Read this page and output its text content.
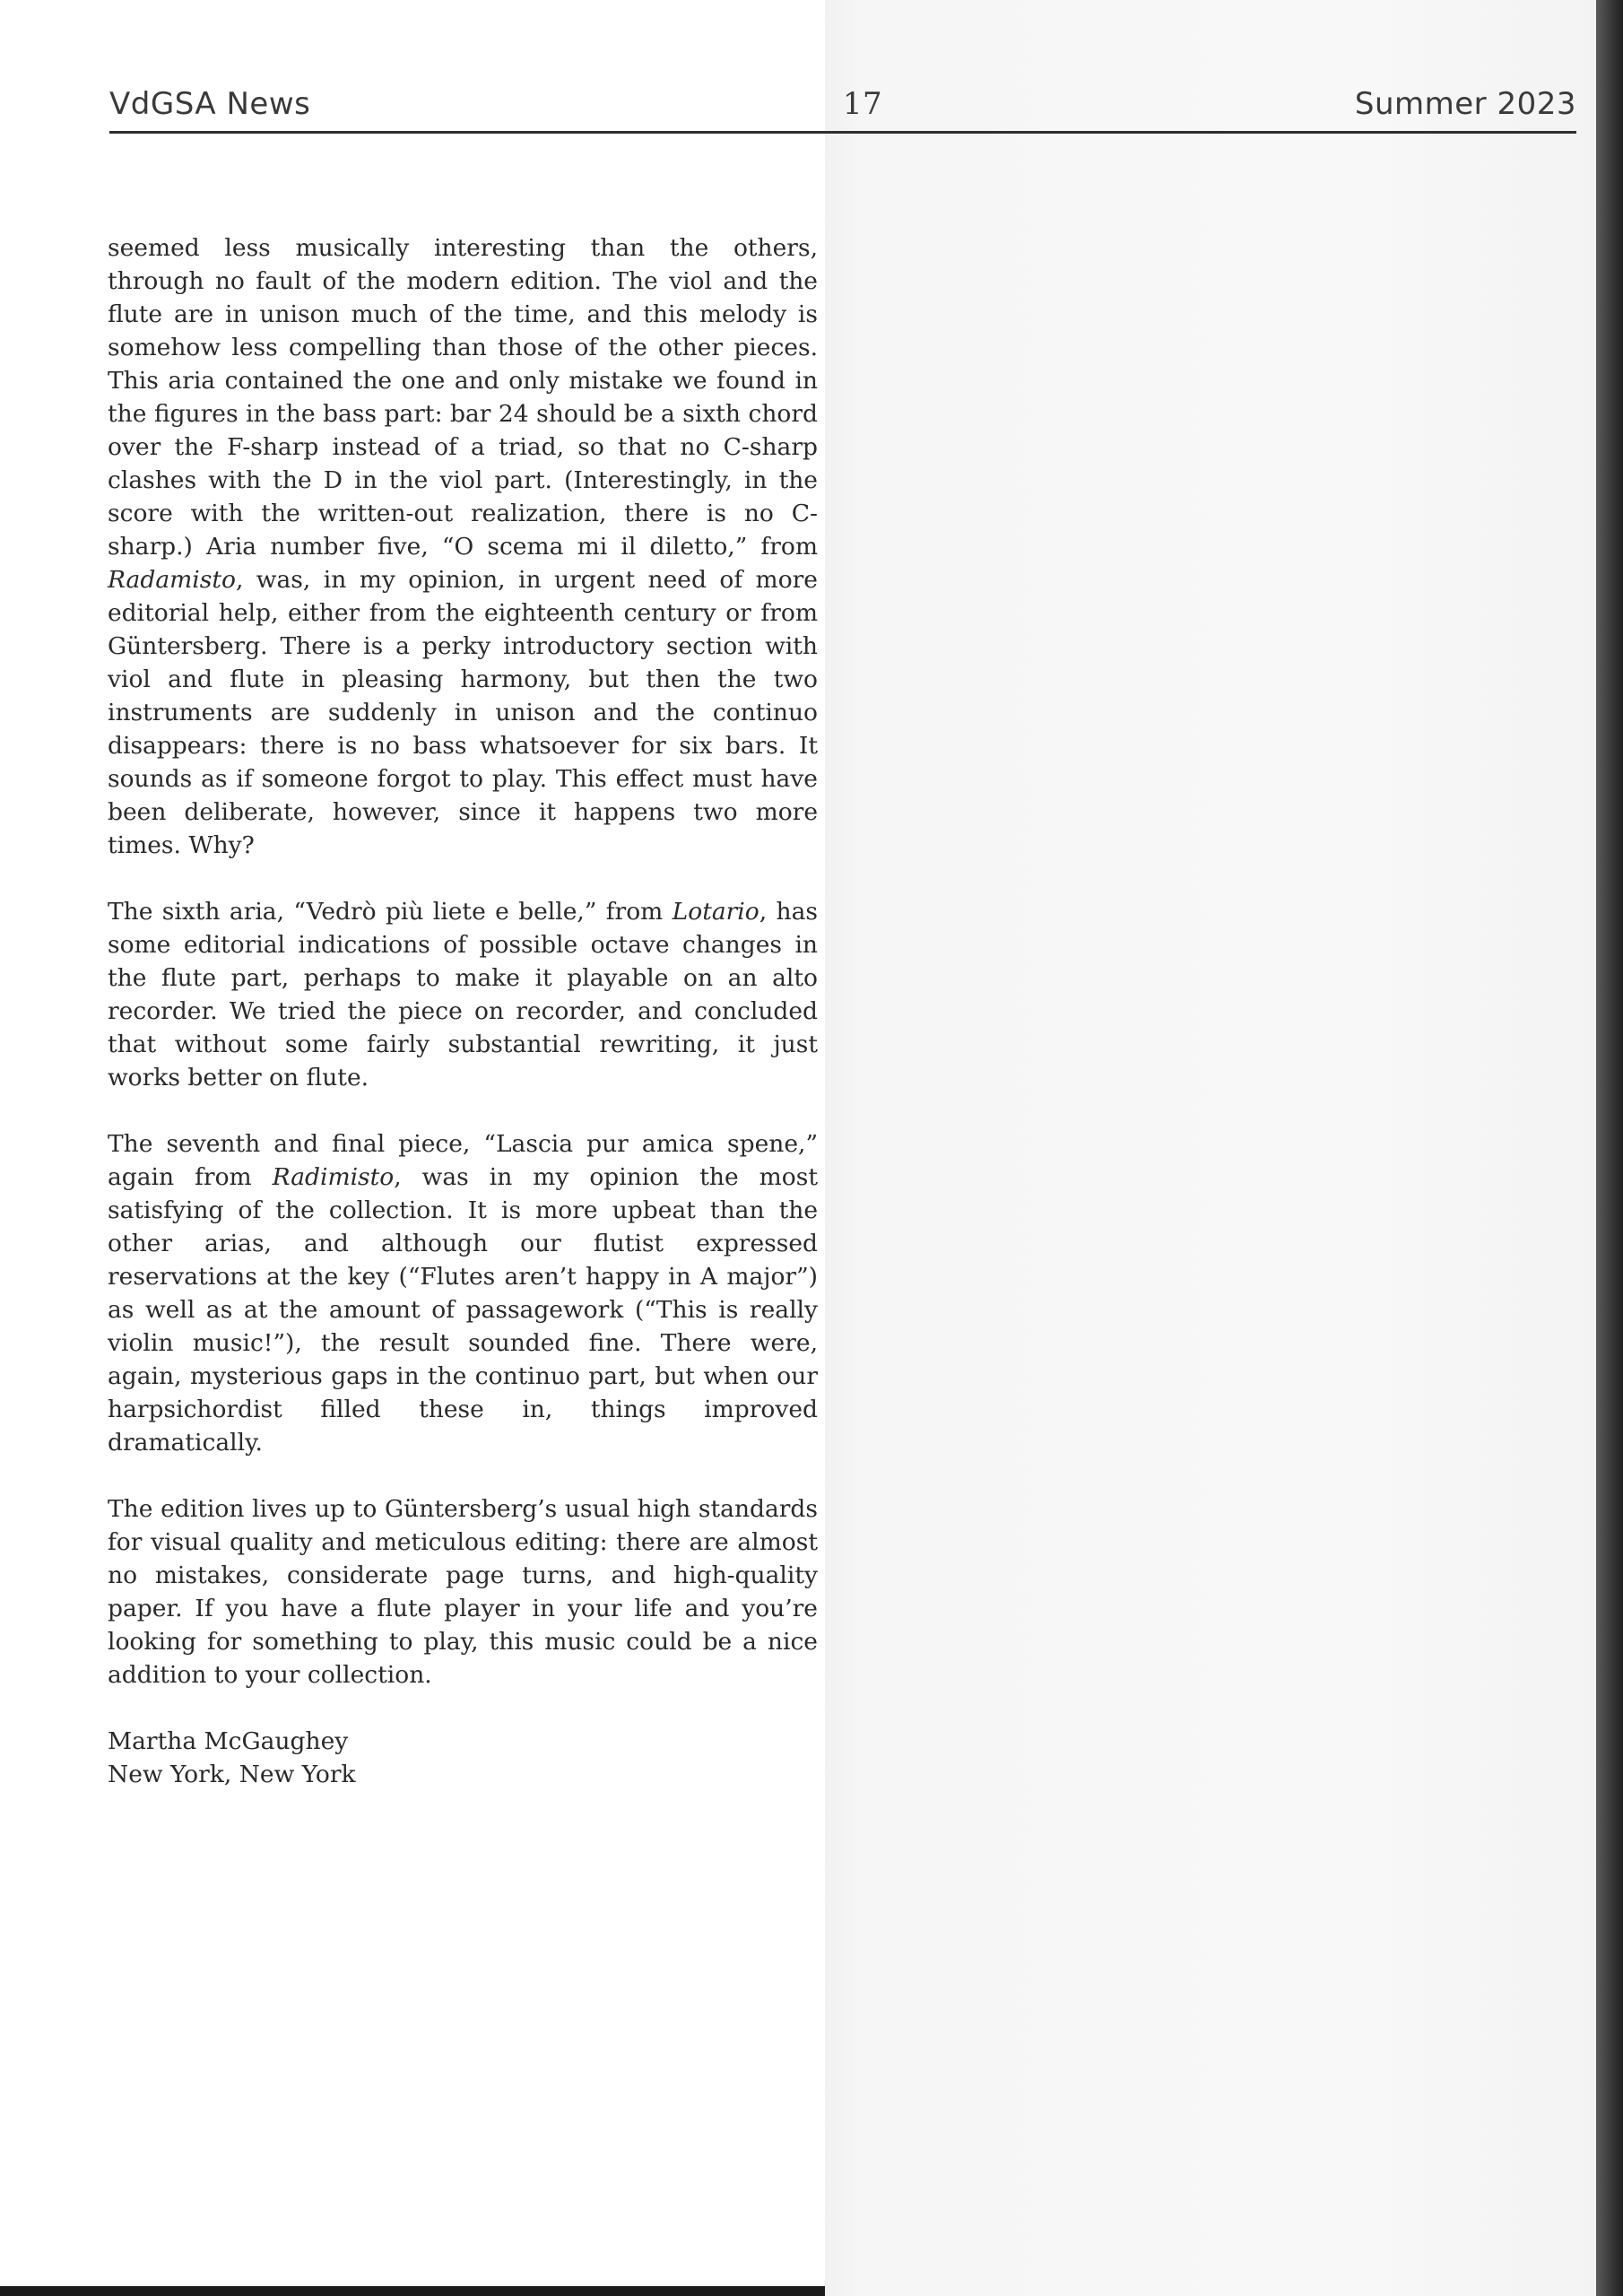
VdGSA News	17	Summer 2023

seemed less musically interesting than the others, through no fault of the modern edition. The viol and the flute are in unison much of the time, and this melody is somehow less compelling than those of the other pieces. This aria contained the one and only mistake we found in the figures in the bass part: bar 24 should be a sixth chord over the F-sharp instead of a triad, so that no C-sharp clashes with the D in the viol part. (Interestingly, in the score with the written-out realization, there is no C-sharp.) Aria number five, “O scema mi il diletto,” from Radamisto, was, in my opinion, in urgent need of more editorial help, either from the eighteenth century or from Güntersberg. There is a perky introductory section with viol and flute in pleasing harmony, but then the two instruments are suddenly in unison and the continuo disappears: there is no bass whatsoever for six bars. It sounds as if someone forgot to play. This effect must have been deliberate, however, since it happens two more times. Why?

The sixth aria, “Vedrò più liete e belle,” from Lotario, has some editorial indications of possible octave changes in the flute part, perhaps to make it playable on an alto recorder. We tried the piece on recorder, and concluded that without some fairly substantial rewriting, it just works better on flute.

The seventh and final piece, “Lascia pur amica spene,” again from Radimisto, was in my opinion the most satisfying of the collection. It is more upbeat than the other arias, and although our flutist expressed reservations at the key (“Flutes aren’t happy in A major”) as well as at the amount of passagework (“This is really violin music!”), the result sounded fine. There were, again, mysterious gaps in the continuo part, but when our harpsichordist filled these in, things improved dramatically.

The edition lives up to Güntersberg’s usual high standards for visual quality and meticulous editing: there are almost no mistakes, considerate page turns, and high-quality paper. If you have a flute player in your life and you’re looking for something to play, this music could be a nice addition to your collection.

Martha McGaughey
New York, New York
